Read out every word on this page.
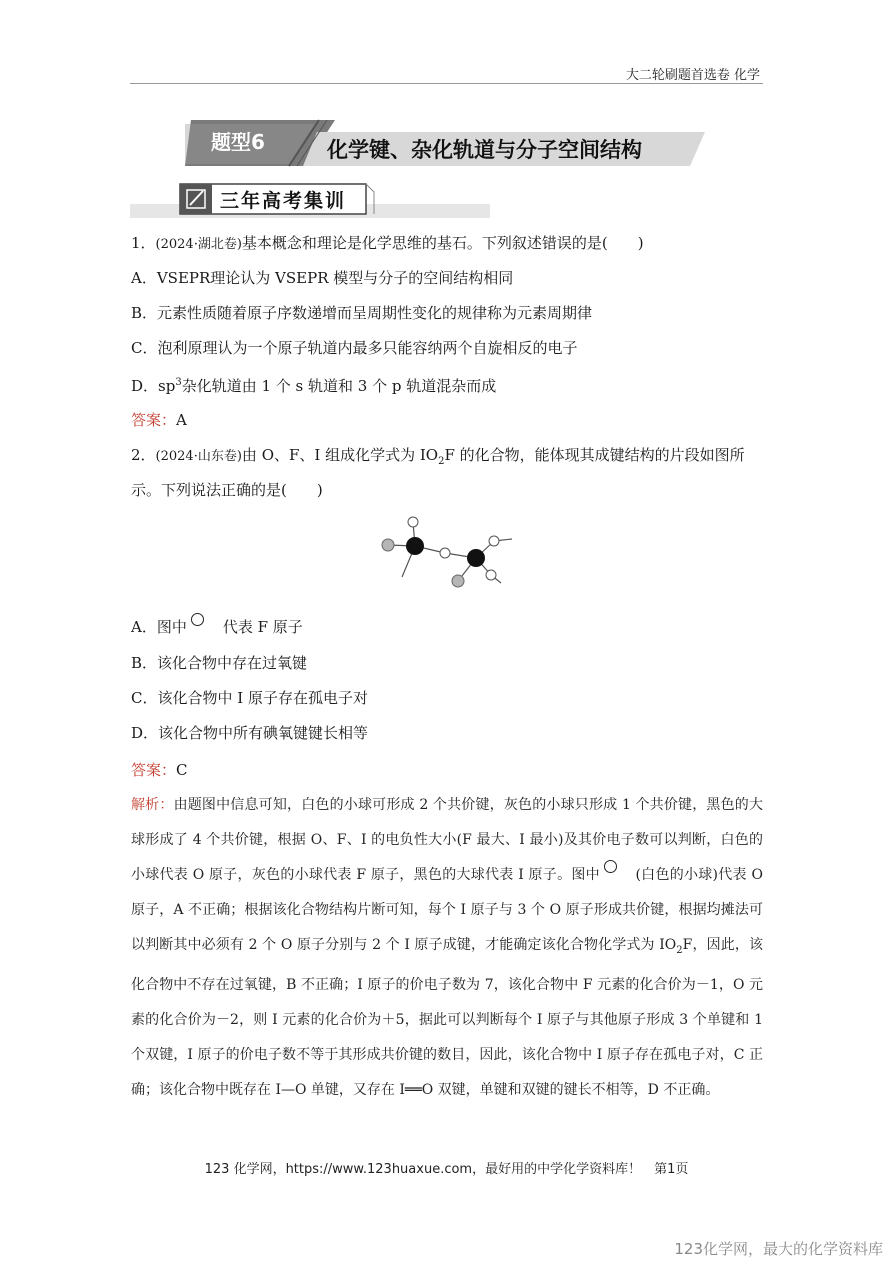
大二轮刷题首选卷 化学
题型6	化学键、杂化轨道与分子空间结构
三年高考集训
1．(2024·湖北卷)基本概念和理论是化学思维的基石。下列叙述错误的是(　　)
A．VSEPR理论认为 VSEPR 模型与分子的空间结构相同
B．元素性质随着原子序数递增而呈周期性变化的规律称为元素周期律
C．泡利原理认为一个原子轨道内最多只能容纳两个自旋相反的电子
D．$sp^3$杂化轨道由 1 个 s 轨道和 3 个 p 轨道混杂而成
答案：A
2．(2024·山东卷)由 O、F、I 组成化学式为 $IO_2F$ 的化合物，能体现其成键结构的片段如图所
示。下列说法正确的是(　　)
A．图中　 代表 F 原子
B．该化合物中存在过氧键
C．该化合物中 I 原子存在孤电子对
D．该化合物中所有碘氧键键长相等
答案：C
解析：由题图中信息可知，白色的小球可形成 2 个共价键，灰色的小球只形成 1 个共价键，黑色的大球形成了 4 个共价键，根据 O、F、I 的电负性大小(F 最大、I 最小)及其价电子数可以判断，白色的小球代表 O 原子，灰色的小球代表 F 原子，黑色的大球代表 I 原子。图中　	(白色的小球)代表 O 原子，A 不正确；根据该化合物结构片断可知，每个 I 原子与 3 个 O 原子形成共价键，根据均摊法可以判断其中必须有 2 个 O 原子分别与 2 个 I 原子成键，才能确定该化合物化学式为 $IO_2F$，因此，该化合物中不存在过氧键，B 不正确；I 原子的价电子数为 7，该化合物中 F 元素的化合价为－1，O 元素的化合价为－2，则 I 元素的化合价为＋5，据此可以判断每个 I 原子与其他原子形成 3 个单键和 1 个双键，I 原子的价电子数不等于其形成共价键的数目，因此，该化合物中 I 原子存在孤电子对，C 正确；该化合物中既存在 I—O 单键，又存在 I══O 双键，单键和双键的键长不相等，D 不正确。
123 化学网，https://www.123huaxue.com，最好用的中学化学资料库！　第1页
123化学网，最大的化学资料库
